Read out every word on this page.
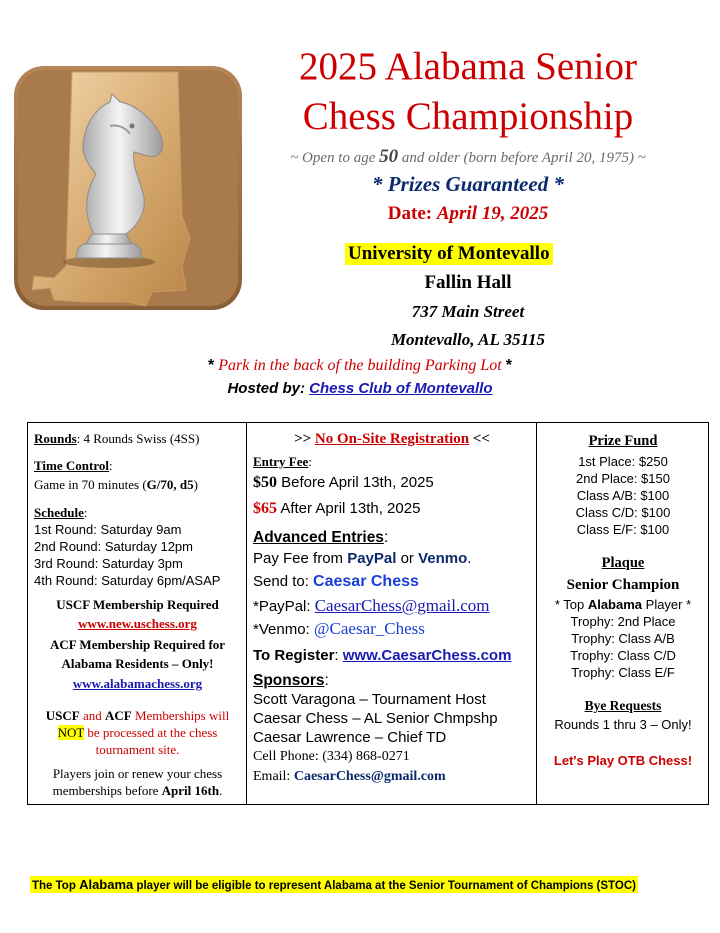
2025 Alabama Senior
Chess Championship
~ Open to age 50 and older (born before April 20, 1975) ~
* Prizes Guaranteed *
Date: April 19, 2025
University of Montevallo
Fallin Hall
737 Main Street
Montevallo, AL 35115
* Park in the back of the building Parking Lot *
Hosted by: Chess Club of Montevallo
Rounds: 4 Rounds Swiss (4SS)
Time Control:
Game in 70 minutes (G/70, d5)
Schedule:
1st Round: Saturday 9am
2nd Round: Saturday 12pm
3rd Round: Saturday 3pm
4th Round: Saturday 6pm/ASAP
USCF Membership Required
www.new.uschess.org
ACF Membership Required for
Alabama Residents – Only!
www.alabamachess.org
USCF and ACF Memberships will
NOT be processed at the chess
tournament site.
Players join or renew your chess
memberships before April 16th.
>> No On-Site Registration <<
Entry Fee:
$50 Before April 13th, 2025
$65 After April 13th, 2025
Advanced Entries:
Pay Fee from PayPal or Venmo.
Send to: Caesar Chess
*PayPal: CaesarChess@gmail.com
*Venmo: @Caesar_Chess
To Register: www.CaesarChess.com
Sponsors:
Scott Varagona – Tournament Host
Caesar Chess – AL Senior Chmpshp
Caesar Lawrence – Chief TD
Cell Phone: (334) 868-0271
Email: CaesarChess@gmail.com
Prize Fund
1st Place: $250
2nd Place: $150
Class A/B: $100
Class C/D: $100
Class E/F: $100
Plaque
Senior Champion
* Top Alabama Player *
Trophy: 2nd Place
Trophy: Class A/B
Trophy: Class C/D
Trophy: Class E/F
Bye Requests
Rounds 1 thru 3 – Only!
Let's Play OTB Chess!
The Top Alabama player will be eligible to represent Alabama at the Senior Tournament of Champions (STOC)
